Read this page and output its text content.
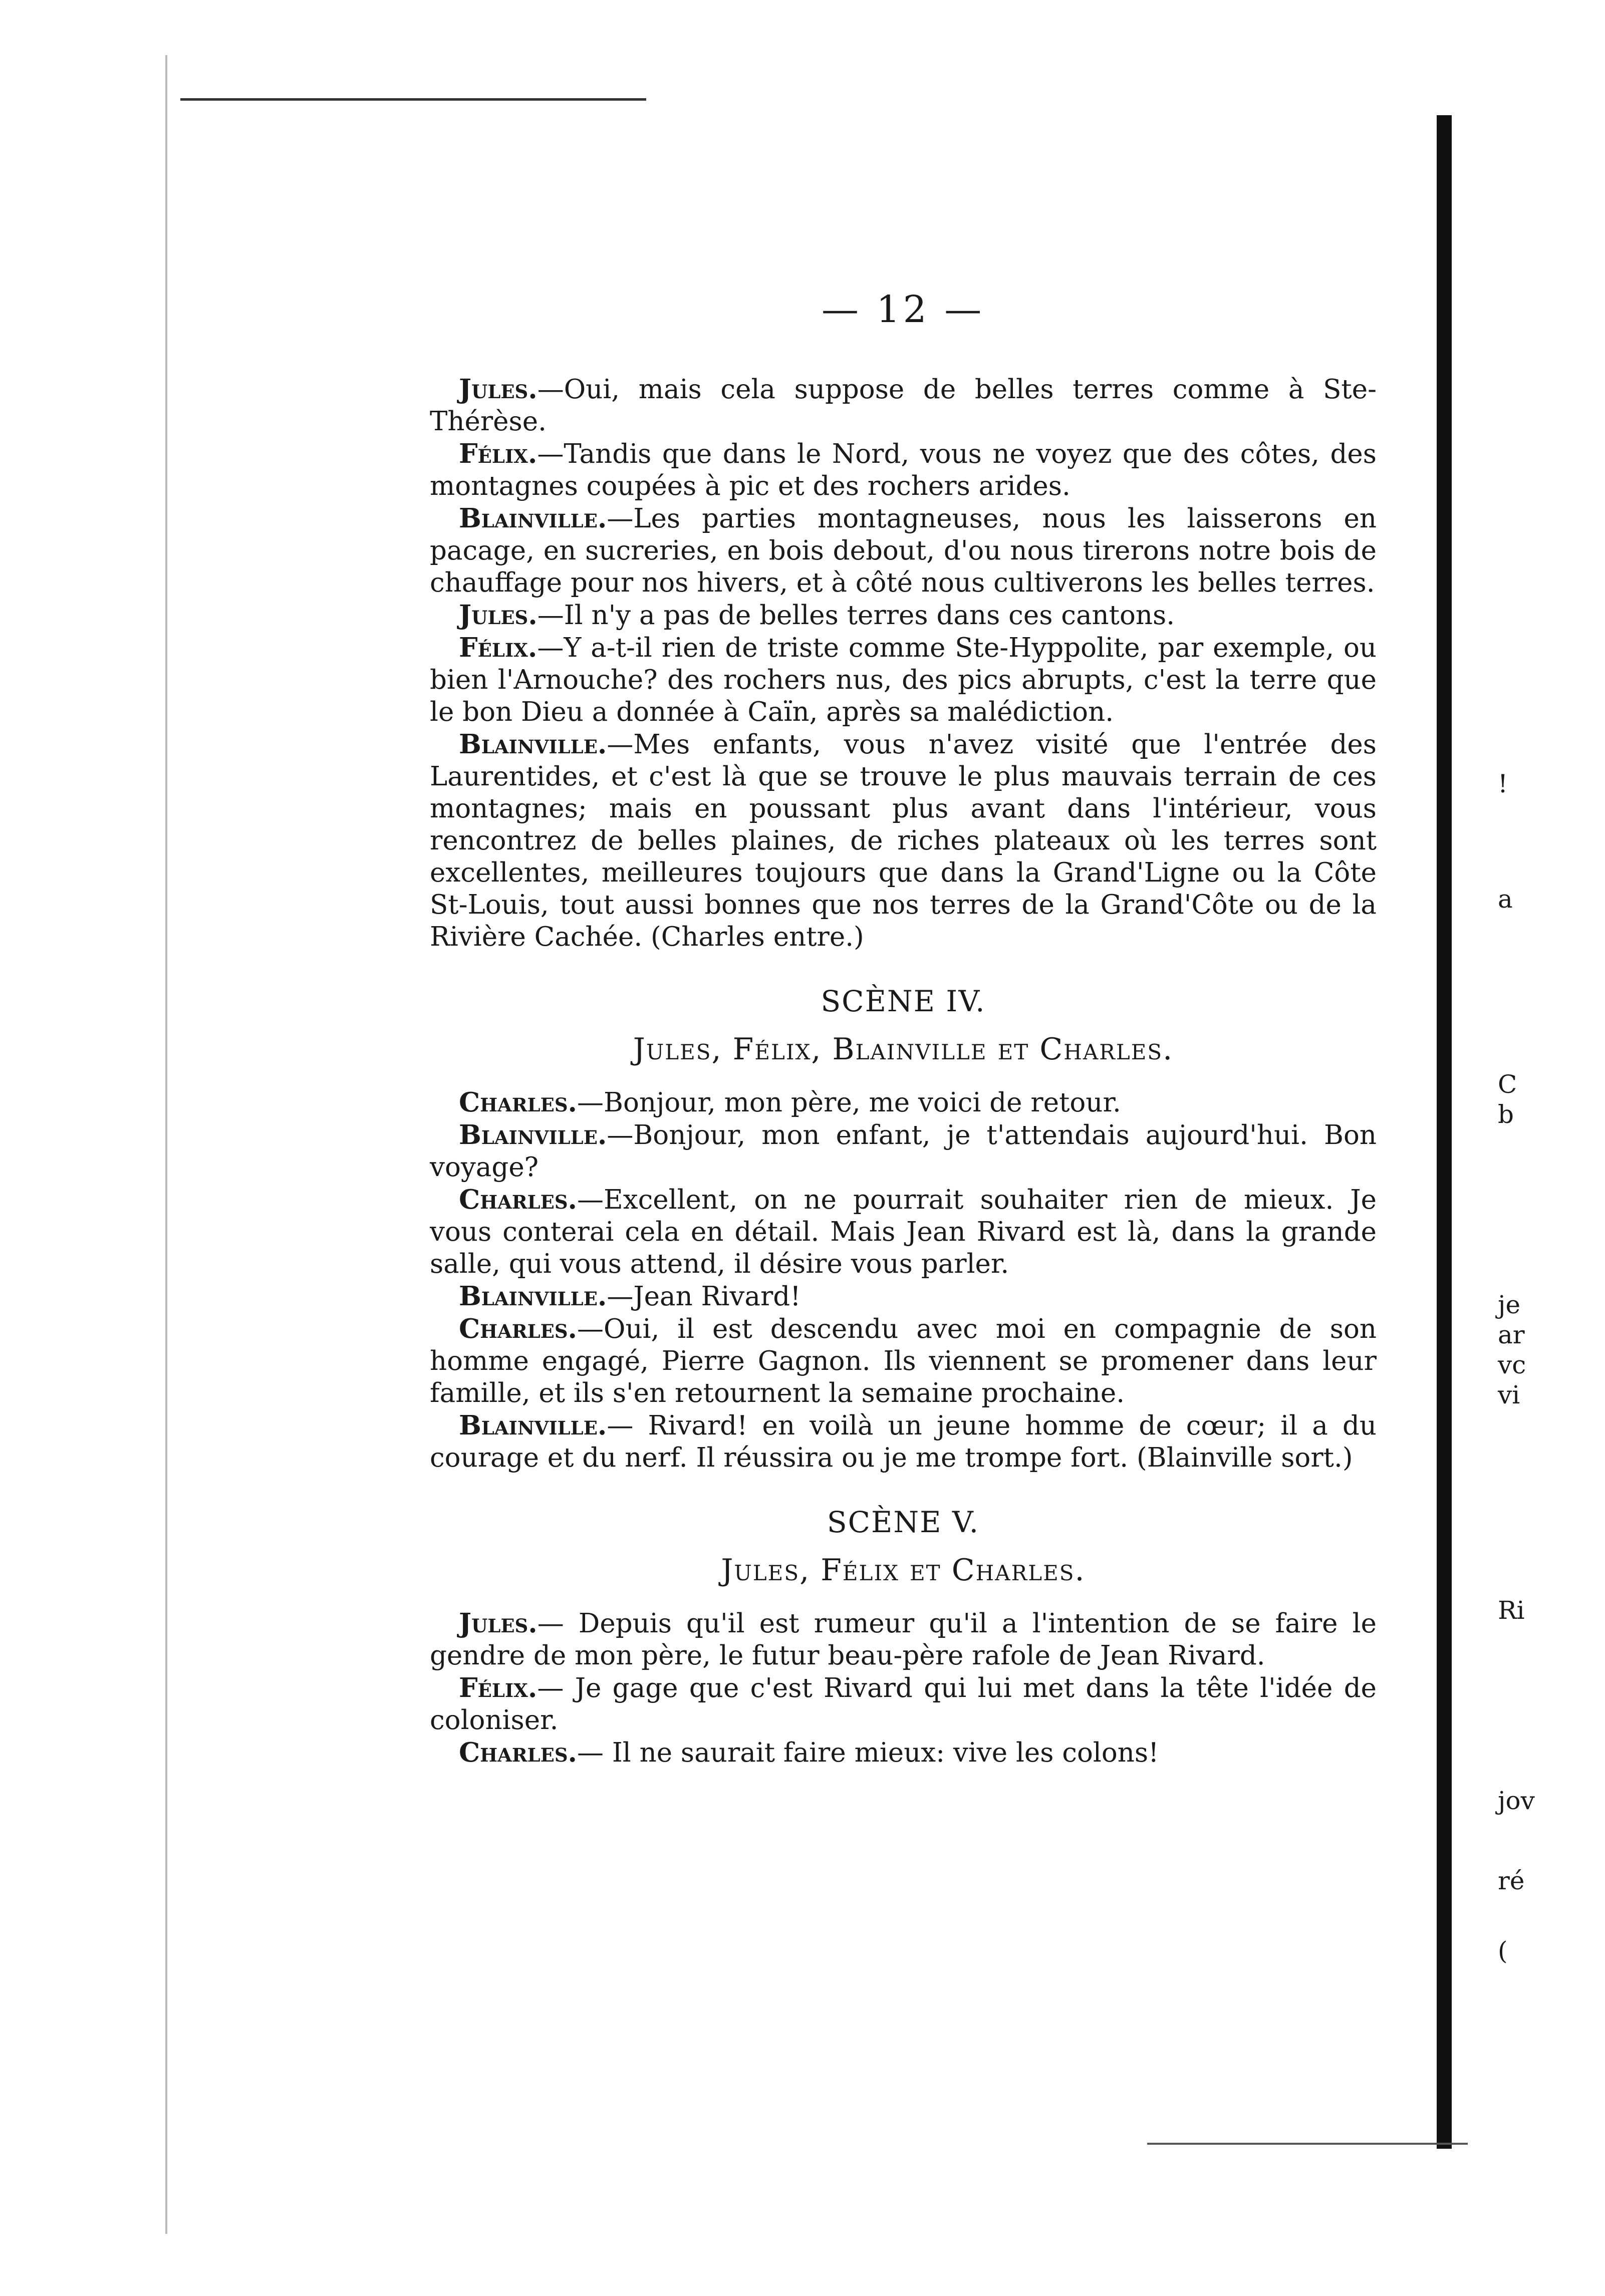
!
a
C
b
je
ar
vc
vi
Ri
jov
ré
(
— 12 —

Jules.—Oui, mais cela suppose de belles terres comme à Ste-Thérèse.

Félix.—Tandis que dans le Nord, vous ne voyez que des côtes, des montagnes coupées à pic et des rochers arides.

Blainville.—Les parties montagneuses, nous les laisserons en pacage, en sucreries, en bois debout, d'ou nous tirerons notre bois de chauffage pour nos hivers, et à côté nous cultiverons les belles terres.

Jules.—Il n'y a pas de belles terres dans ces cantons.

Félix.—Y a-t-il rien de triste comme Ste-Hyppolite, par exemple, ou bien l'Arnouche? des rochers nus, des pics abrupts, c'est la terre que le bon Dieu a donnée à Caïn, après sa malédiction.

Blainville.—Mes enfants, vous n'avez visité que l'entrée des Laurentides, et c'est là que se trouve le plus mauvais terrain de ces montagnes; mais en poussant plus avant dans l'intérieur, vous rencontrez de belles plaines, de riches plateaux où les terres sont excellentes, meilleures toujours que dans la Grand'Ligne ou la Côte St-Louis, tout aussi bonnes que nos terres de la Grand'Côte ou de la Rivière Cachée. (Charles entre.)

SCÈNE IV.
Jules, Félix, Blainville et Charles.

Charles.—Bonjour, mon père, me voici de retour.

Blainville.—Bonjour, mon enfant, je t'attendais aujourd'hui. Bon voyage?

Charles.—Excellent, on ne pourrait souhaiter rien de mieux. Je vous conterai cela en détail. Mais Jean Rivard est là, dans la grande salle, qui vous attend, il désire vous parler.

Blainville.—Jean Rivard!

Charles.—Oui, il est descendu avec moi en compagnie de son homme engagé, Pierre Gagnon. Ils viennent se promener dans leur famille, et ils s'en retournent la semaine prochaine.

Blainville.— Rivard! en voilà un jeune homme de cœur; il a du courage et du nerf. Il réussira ou je me trompe fort. (Blainville sort.)

SCÈNE V.
Jules, Félix et Charles.

Jules.— Depuis qu'il est rumeur qu'il a l'intention de se faire le gendre de mon père, le futur beau-père rafole de Jean Rivard.

Félix.— Je gage que c'est Rivard qui lui met dans la tête l'idée de coloniser.

Charles.— Il ne saurait faire mieux: vive les colons!
